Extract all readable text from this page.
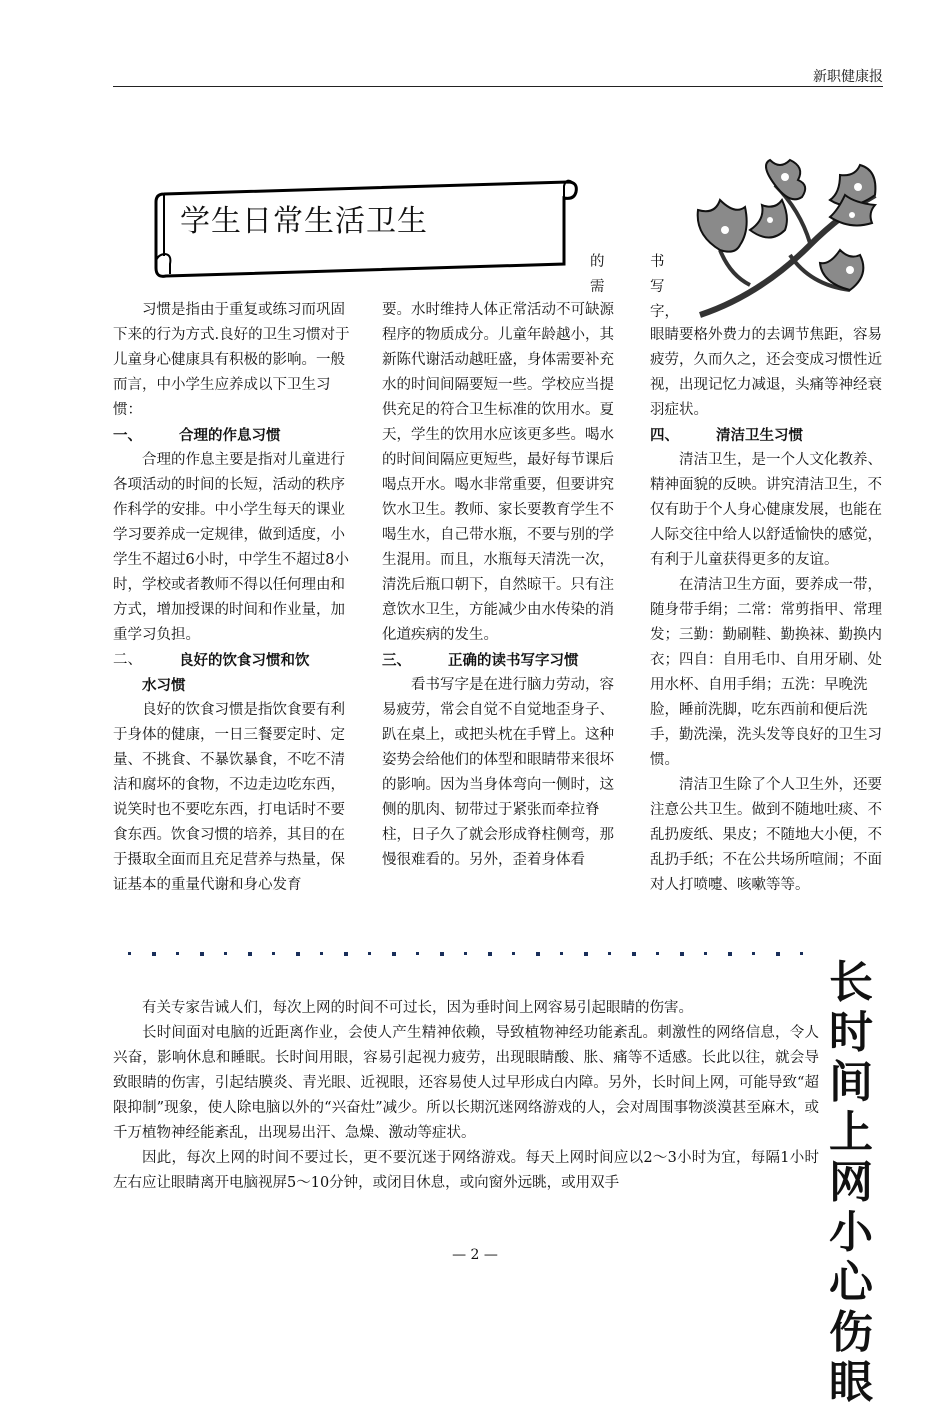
新职健康报
学生日常生活卫生
的
需
书
写
字，

习惯是指由于重复或练习而巩固下来的行为方式.良好的卫生习惯对于儿童身心健康具有积极的影响。一般而言，中小学生应养成以下卫生习惯：

一、	合理的作息习惯

合理的作息主要是指对儿童进行各项活动的时间的长短，活动的秩序作科学的安排。中小学生每天的课业学习要养成一定规律，做到适度，小学生不超过6小时，中学生不超过8小时，学校或者教师不得以任何理由和方式，增加授课的时间和作业量，加重学习负担。

二、	良好的饮食习惯和饮
水习惯

良好的饮食习惯是指饮食要有利于身体的健康，一日三餐要定时、定量、不挑食、不暴饮暴食，不吃不清洁和腐坏的食物，不边走边吃东西，说笑时也不要吃东西，打电话时不要食东西。饮食习惯的培养，其目的在于摄取全面而且充足营养与热量，保证基本的重量代谢和身心发育

要。水时维持人体正常活动不可缺源程序的物质成分。儿童年龄越小，其新陈代谢活动越旺盛，身体需要补充水的时间间隔要短一些。学校应当提供充足的符合卫生标准的饮用水。夏天，学生的饮用水应该更多些。喝水的时间间隔应更短些，最好每节课后喝点开水。喝水非常重要，但要讲究饮水卫生。教师、家长要教育学生不喝生水，自己带水瓶，不要与别的学生混用。而且，水瓶每天清洗一次，清洗后瓶口朝下，自然晾干。只有注意饮水卫生，方能减少由水传染的消化道疾病的发生。

三、	正确的读书写字习惯

看书写字是在进行脑力劳动，容易疲劳，常会自觉不自觉地歪身子、趴在桌上，或把头枕在手臂上。这种姿势会给他们的体型和眼睛带来很坏的影响。因为当身体弯向一侧时，这侧的肌肉、韧带过于紧张而牵拉脊柱，日子久了就会形成脊柱侧弯，那慢很难看的。另外，歪着身体看

眼睛要格外费力的去调节焦距，容易疲劳，久而久之，还会变成习惯性近视，出现记忆力减退，头痛等神经衰羽症状。

四、	清洁卫生习惯

清洁卫生，是一个人文化教养、精神面貌的反映。讲究清洁卫生，不仅有助于个人身心健康发展，也能在人际交往中给人以舒适愉快的感觉，有利于儿童获得更多的友谊。

在清洁卫生方面，要养成一带，随身带手绢；二常：常剪指甲、常理发；三勤：勤刷鞋、勤换袜、勤换内衣；四自：自用毛巾、自用牙刷、处用水杯、自用手绢；五洗：早晚洗脸，睡前洗脚，吃东西前和便后洗手，勤洗澡，洗头发等良好的卫生习惯。

清洁卫生除了个人卫生外，还要注意公共卫生。做到不随地吐痰、不乱扔废纸、果皮；不随地大小便，不乱扔手纸；不在公共场所喧闹；不面对人打喷嚏、咳嗽等等。

长
时
间
上
网
小
心
伤
眼

有关专家告诫人们，每次上网的时间不可过长，因为垂时间上网容易引起眼睛的伤害。

长时间面对电脑的近距离作业，会使人产生精神依赖，导致植物神经功能紊乱。刺激性的网络信息，令人兴奋，影响休息和睡眠。长时间用眼，容易引起视力疲劳，出现眼睛酸、胀、痛等不适感。长此以往，就会导致眼睛的伤害，引起结膜炎、青光眼、近视眼，还容易使人过早形成白内障。另外，长时间上网，可能导致“超限抑制”现象，使人除电脑以外的“兴奋灶”减少。所以长期沉迷网络游戏的人，会对周围事物淡漠甚至麻木，或千万植物神经能紊乱，出现易出汗、急燥、激动等症状。

因此，每次上网的时间不要过长，更不要沉迷于网络游戏。每天上网时间应以2～3小时为宜，每隔1小时左右应让眼睛离开电脑视屏5～10分钟，或闭目休息，或向窗外远眺，或用双手

— 2 —
